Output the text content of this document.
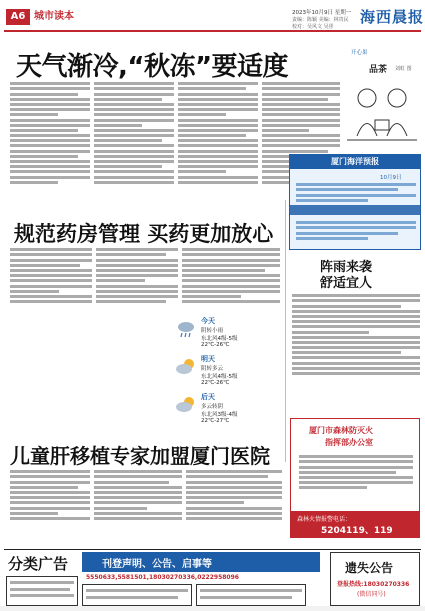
A6 城市读本	2023年10月9日 星期一
责编：陈颖 美编：林贵民
校对：吴风文 吴彤
海西晨报
天气渐冷,“秋冻”要适度	开心果
品茶 刘虹 图
厦门海洋预报
10月9日
规范药房管理 买药更加放心
阵雨来袭
舒适宜人
今天
阴转小雨
东北风4级-5级
22℃-26℃
明天
阴转多云
东北风4级-5级
22℃-26℃
后天
多云转阴
东北风3级-4级
22℃-27℃
儿童肝移植专家加盟厦门医院
厦门市森林防灭火
指挥部办公室
森林火情报警电话：
5204119、119
分类广告	刊登声明、公告、启事等
5550633,5581501,18030270336,0222958096
遗失公告
登报热线:18030270336
(微信同号)
